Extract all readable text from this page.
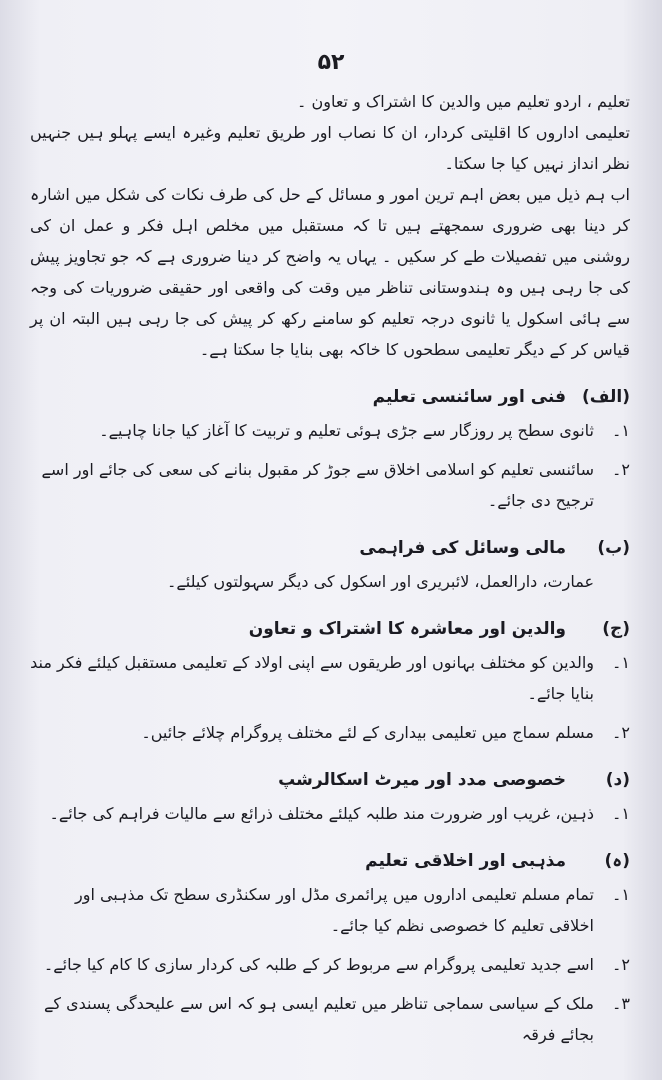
۵۲

تعلیم ، اردو تعلیم میں والدین کا اشتراک و تعاون ۔

تعلیمی اداروں کا اقلیتی کردار، ان کا نصاب اور طریق تعلیم وغیرہ ایسے پہلو ہیں جنہیں نظر انداز نہیں کیا جا سکتا۔

اب ہم ذیل میں بعض اہم ترین امور و مسائل کے حل کی طرف نکات کی شکل میں اشارہ کر دینا بھی ضروری سمجھتے ہیں تا کہ مستقبل میں مخلص اہل فکر و عمل ان کی روشنی میں تفصیلات طے کر سکیں ۔ یہاں یہ واضح کر دینا ضروری ہے کہ جو تجاویز پیش کی جا رہی ہیں وہ ہندوستانی تناظر میں وقت کی واقعی اور حقیقی ضروریات کی وجہ سے ہائی اسکول یا ثانوی درجہ تعلیم کو سامنے رکھ کر پیش کی جا رہی ہیں البتہ ان پر قیاس کر کے دیگر تعلیمی سطحوں کا خاکہ بھی بنایا جا سکتا ہے۔

(الف)
فنی اور سائنسی تعلیم
١۔
ثانوی سطح پر روزگار سے جڑی ہوئی تعلیم و تربیت کا آغاز کیا جانا چاہیے۔
٢۔
سائنسی تعلیم کو اسلامی اخلاق سے جوڑ کر مقبول بنانے کی سعی کی جائے اور اسے ترجیح دی جائے۔
(ب)
مالی وسائل کی فراہمی
عمارت، دارالعمل، لائبریری اور اسکول کی دیگر سہولتوں کیلئے۔
(ج)
والدین اور معاشرہ کا اشتراک و تعاون
١۔
والدین کو مختلف بہانوں اور طریقوں سے اپنی اولاد کے تعلیمی مستقبل کیلئے فکر مند بنایا جائے۔
٢۔
مسلم سماج میں تعلیمی بیداری کے لئے مختلف پروگرام چلائے جائیں۔
(د)
خصوصی مدد اور میرٹ اسکالرشپ
١۔
ذہین، غریب اور ضرورت مند طلبہ کیلئے مختلف ذرائع سے مالیات فراہم کی جائے۔
(ہ)
مذہبی اور اخلاقی تعلیم
١۔
تمام مسلم تعلیمی اداروں میں پرائمری مڈل اور سکنڈری سطح تک مذہبی اور اخلاقی تعلیم کا خصوصی نظم کیا جائے۔
٢۔
اسے جدید تعلیمی پروگرام سے مربوط کر کے طلبہ کی کردار سازی کا کام کیا جائے۔
٣۔
ملک کے سیاسی سماجی تناظر میں تعلیم ایسی ہو کہ اس سے علیحدگی پسندی کے بجائے فرقہ
